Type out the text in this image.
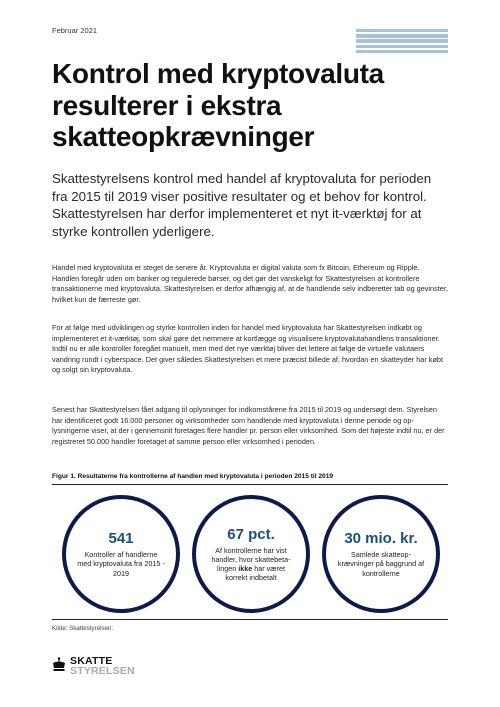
Februar 2021
Kontrol med kryptovaluta resulterer i ekstra skatteopkrævninger

Skattestyrelsens kontrol med handel af kryptovaluta for perioden fra 2015 til 2019 viser positive resultater og et behov for kontrol. Skattestyrelsen har derfor implementeret et nyt it-værktøj for at styrke kontrollen yderligere.

Handel med kryptovaluta er steget de senere år. Kryptovaluta er digital valuta som fx Bitcoin, Ethereum og Ripple. Handlen foregår uden om banker og regulerede børser, og det gør det vanskeligt for Skattestyrelsen at kontrollere transaktionerne med kryptovaluta. Skattestyrelsen er derfor afhængig af, at de handlende selv indberetter tab og gevinster, hvilket kun de færreste gør.

For at følge med udviklingen og styrke kontrollen inden for handel med kryptovaluta har Skattestyrelsen indkøbt og implementeret et it-værktøj, som skal gøre det nemmere at kortlægge og visualisere kryptovalutahandlens transaktioner. Indtil nu er alle kontroller foregået manuelt, men med det nye værktøj bliver det lettere at følge de virtuelle valutaers vandring rundt i cyberspace. Det giver således Skattestyrelsen et mere præcist billede af, hvordan en skatteyder har købt og solgt sin kryptovaluta.

Senest har Skattestyrelsen fået adgang til oplysninger for indkomstårene fra 2015 til 2019 og undersøgt dem. Styrelsen har identificeret godt 16.000 personer og virksomheder som handlende med kryptovaluta i denne periode og oplysningerne viser, at der i gennemsnit foretages flere handler pr. person eller virksomhed. Som det højeste indtil nu, er der registreret 50.000 handler foretaget af samme person eller virksomhed i perioden.

Figur 1. Resultaterne fra kontrollerne af handlen med kryptovaluta i perioden 2015 til 2019
541
Kontroller af handlerne med kryptovaluta fra 2015 - 2019
67 pct.
Af kontrollerne har vist handler, hvor skattebetalingen ikke har været korrekt indbetalt
30 mio. kr.
Samlede skatteopkrævninger på baggrund af kontrollerne
Kilde: Skattestyrelsen.
SKATTE
STYRELSEN
